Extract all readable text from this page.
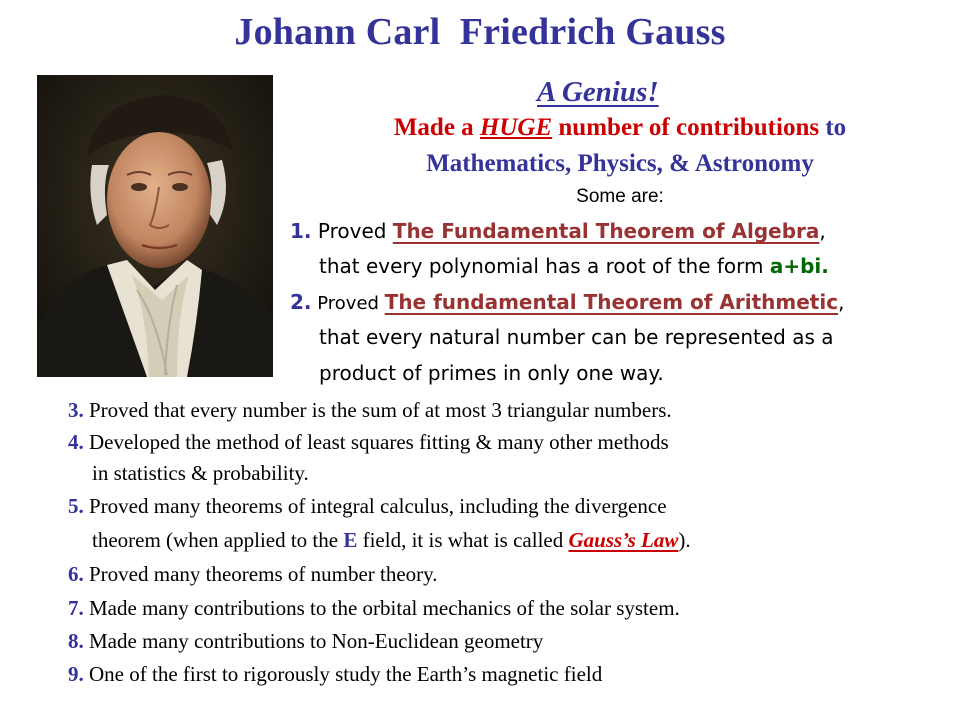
Johann Carl  Friedrich Gauss
A Genius!
Made a HUGE number of contributions to
Mathematics, Physics, & Astronomy
Some are:
1. Proved The Fundamental Theorem of Algebra,
that every polynomial has a root of the form a+bi.
2. Proved The fundamental Theorem of Arithmetic,
that every natural number can be represented as a
product of primes in only one way.
3. Proved that every number is the sum of at most 3 triangular numbers.
4. Developed the method of least squares fitting & many other methods
in statistics & probability.
5. Proved many theorems of integral calculus, including the divergence
theorem (when applied to the E field, it is what is called Gauss’s Law).
6. Proved many theorems of number theory.
7. Made many contributions to the orbital mechanics of the solar system.
8. Made many contributions to Non-Euclidean geometry
9. One of the first to rigorously study the Earth’s magnetic field
